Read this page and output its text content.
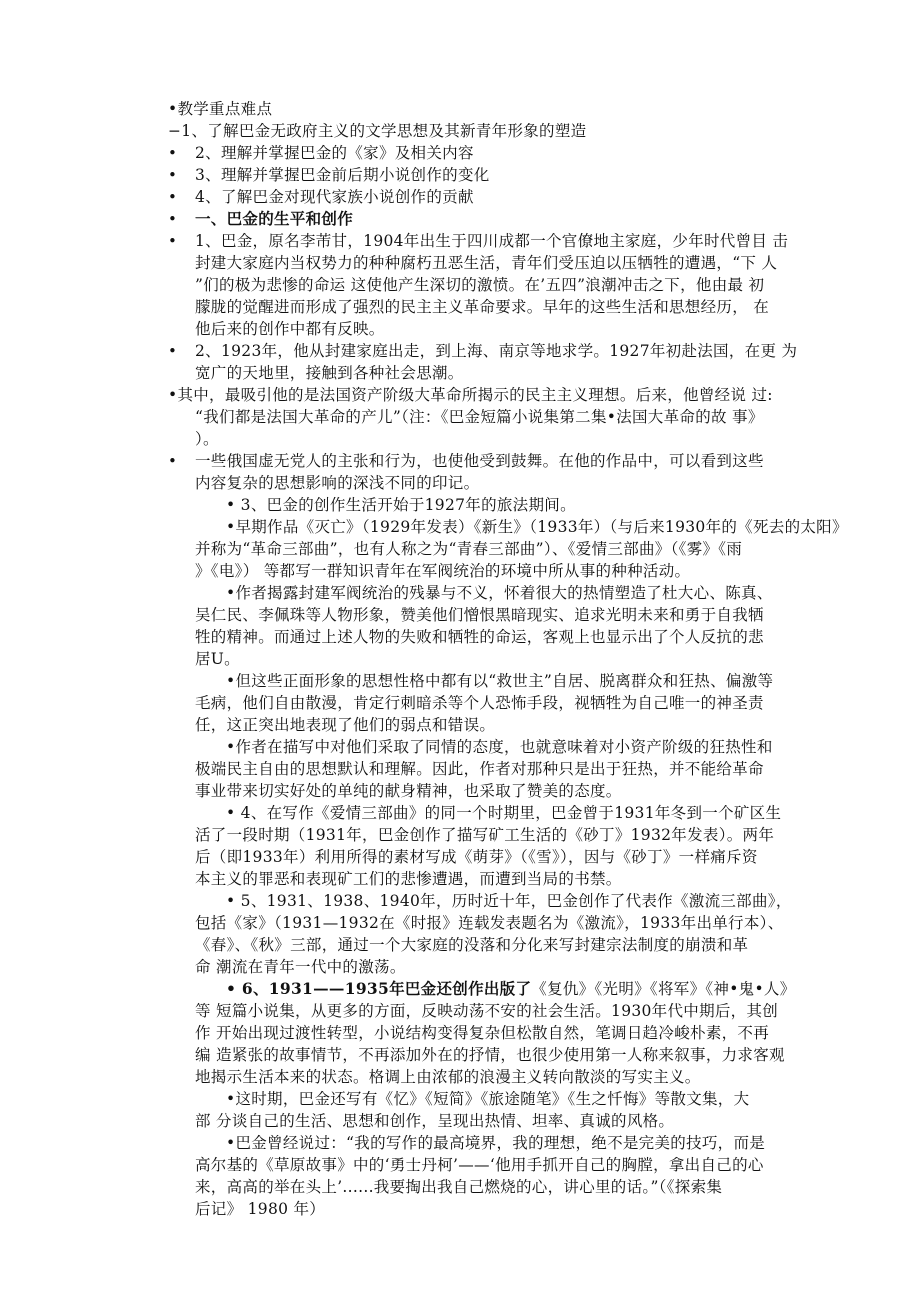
•教学重点难点
−1、了解巴金无政府主义的文学思想及其新青年形象的塑造
• 2、理解并掌握巴金的《家》及相关内容
• 3、理解并掌握巴金前后期小说创作的变化
• 4、了解巴金对现代家族小说创作的贡献
• 一、巴金的生平和创作
• 1、巴金，原名李芾甘，1904年出生于四川成都一个官僚地主家庭，少年时代曾目 击
封建大家庭内当权势力的种种腐朽丑恶生活，青年们受压迫以压牺牲的遭遇，“下 人
”们的极为悲惨的命运 这使他产生深切的激愤。在’五四”浪潮冲击之下，他由最 初
朦胧的觉醒进而形成了强烈的民主主义革命要求。早年的这些生活和思想经历， 在
他后来的创作中都有反映。
• 2、1923年，他从封建家庭出走，到上海、南京等地求学。1927年初赴法国，在更 为
宽广的天地里，接触到各种社会思潮。
•其中，最吸引他的是法国资产阶级大革命所揭示的民主主义理想。后来，他曾经说 过:
“我们都是法国大革命的产儿”（注：《巴金短篇小说集第二集•法国大革命的故 事》
）。
• 一些俄国虚无党人的主张和行为，也使他受到鼓舞。在他的作品中，可以看到这些
内容复杂的思想影响的深浅不同的印记。
• 3、巴金的创作生活开始于1927年的旅法期间。
•早期作品《灭亡》（1929年发表）《新生》（1933年）（与后来1930年的《死去的太阳》
并称为“革命三部曲”，也有人称之为“青春三部曲”）、《爱情三部曲》（《雾》《雨
》《电》） 等都写一群知识青年在军阀统治的环境中所从事的种种活动。
•作者揭露封建军阀统治的残暴与不义，怀着很大的热情塑造了杜大心、陈真、
吴仁民、李佩珠等人物形象，赞美他们憎恨黑暗现实、追求光明未来和勇于自我牺
牲的精神。而通过上述人物的失败和牺牲的命运，客观上也显示出了个人反抗的悲
居U。
•但这些正面形象的思想性格中都有以“救世主”自居、脱离群众和狂热、偏激等
毛病，他们自由散漫，肯定行刺暗杀等个人恐怖手段，视牺牲为自己唯一的神圣责
任，这正突出地表现了他们的弱点和错误。
•作者在描写中对他们采取了同情的态度，也就意味着对小资产阶级的狂热性和
极端民主自由的思想默认和理解。因此，作者对那种只是出于狂热，并不能给革命
事业带来切实好处的单纯的献身精神，也采取了赞美的态度。
• 4、在写作《爱情三部曲》的同一个时期里，巴金曾于1931年冬到一个矿区生
活了一段时期（1931年，巴金创作了描写矿工生活的《砂丁》1932年发表）。两年
后（即1933年）利用所得的素材写成《萌芽》（《雪》），因与《砂丁》一样痛斥资
本主义的罪恶和表现矿工们的悲惨遭遇，而遭到当局的书禁。
• 5、1931、1938、1940年，历时近十年，巴金创作了代表作《激流三部曲》，
包括《家》（1931—1932在《时报》连载发表题名为《激流》，1933年出单行本）、
《春》、《秋》三部，通过一个大家庭的没落和分化来写封建宗法制度的崩溃和革
命 潮流在青年一代中的激荡。
• 6、1931——1935年巴金还创作出版了《复仇》《光明》《将军》《神•鬼•人》
等 短篇小说集，从更多的方面，反映动荡不安的社会生活。1930年代中期后，其创
作 开始出现过渡性转型，小说结构变得复杂但松散自然，笔调日趋冷峻朴素，不再
编 造紧张的故事情节，不再添加外在的抒情，也很少使用第一人称来叙事，力求客观
地揭示生活本来的状态。格调上由浓郁的浪漫主义转向散淡的写实主义。
•这时期，巴金还写有《忆》《短简》《旅途随笔》《生之忏悔》等散文集，大
部 分谈自己的生活、思想和创作，呈现出热情、坦率、真诚的风格。
•巴金曾经说过：“我的写作的最高境界，我的理想，绝不是完美的技巧，而是
高尔基的《草原故事》中的‘勇士丹柯’——‘他用手抓开自己的胸膛，拿出自己的心
来，高高的举在头上’......我要掏出我自己燃烧的心，讲心里的话。”（《探索集
后记》 1980 年）
